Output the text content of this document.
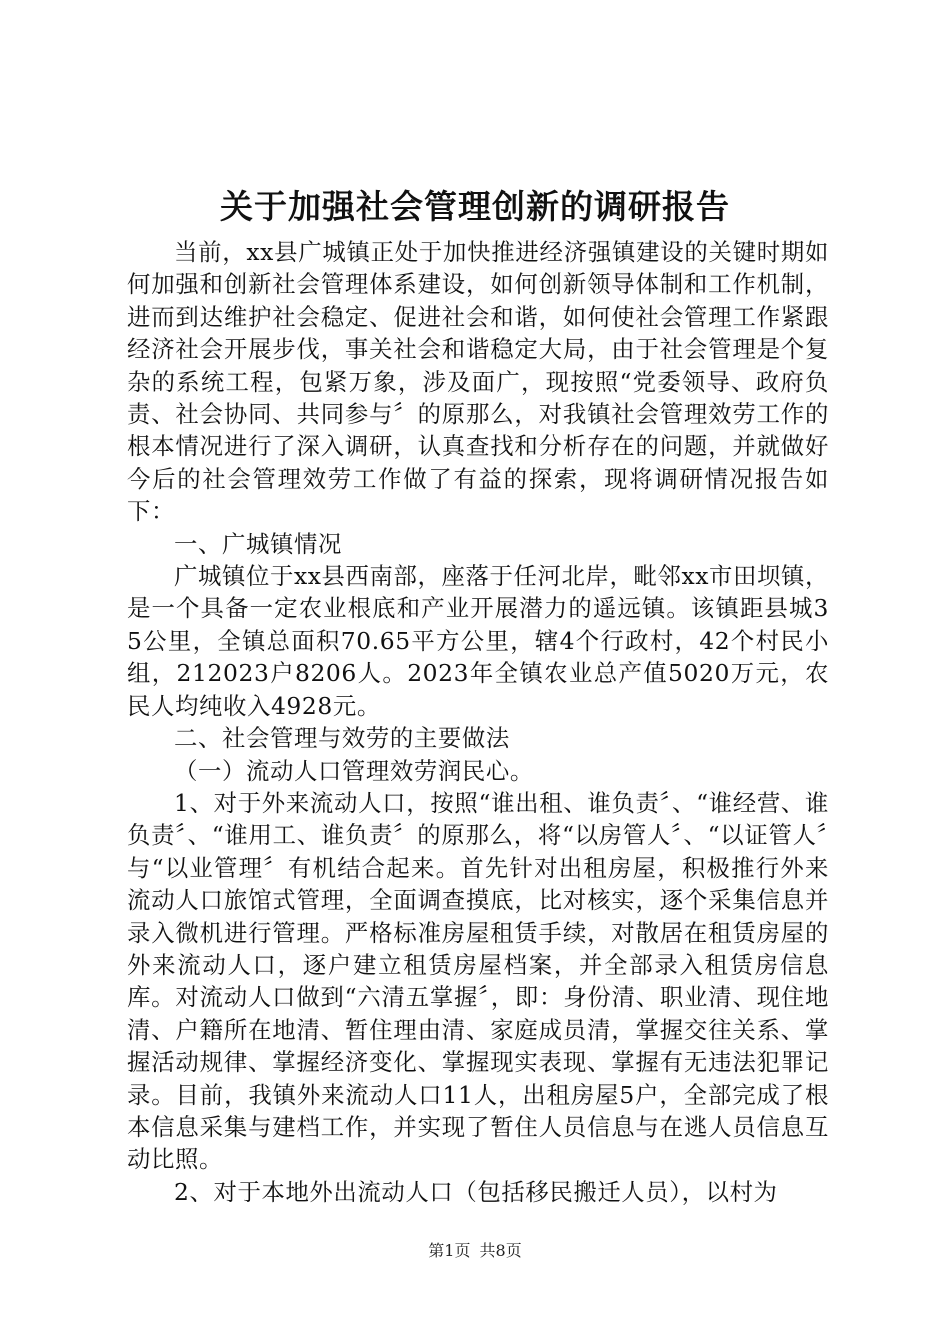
关于加强社会管理创新的调研报告

当前，xx县广城镇正处于加快推进经济强镇建设的关键时期如何加强和创新社会管理体系建设，如何创新领导体制和工作机制，进而到达维护社会稳定、促进社会和谐，如何使社会管理工作紧跟经济社会开展步伐，事关社会和谐稳定大局，由于社会管理是个复杂的系统工程，包紧万象，涉及面广，现按照“党委领导、政府负责、社会协同、共同参与〞的原那么，对我镇社会管理效劳工作的根本情况进行了深入调研，认真查找和分析存在的问题，并就做好今后的社会管理效劳工作做了有益的探索，现将调研情况报告如下：

一、广城镇情况

广城镇位于xx县西南部，座落于任河北岸，毗邻xx市田坝镇，是一个具备一定农业根底和产业开展潜力的遥远镇。该镇距县城35公里，全镇总面积70.65平方公里，辖4个行政村，42个村民小组，212023户8206人。2023年全镇农业总产值5020万元，农民人均纯收入4928元。

二、社会管理与效劳的主要做法

（一）流动人口管理效劳润民心。

1、对于外来流动人口，按照“谁出租、谁负责〞、“谁经营、谁负责〞、“谁用工、谁负责〞的原那么，将“以房管人〞、“以证管人〞与“以业管理〞有机结合起来。首先针对出租房屋，积极推行外来流动人口旅馆式管理，全面调查摸底，比对核实，逐个采集信息并录入微机进行管理。严格标准房屋租赁手续，对散居在租赁房屋的外来流动人口，逐户建立租赁房屋档案，并全部录入租赁房信息库。对流动人口做到“六清五掌握〞，即：身份清、职业清、现住地清、户籍所在地清、暂住理由清、家庭成员清，掌握交往关系、掌握活动规律、掌握经济变化、掌握现实表现、掌握有无违法犯罪记录。目前，我镇外来流动人口11人，出租房屋5户，全部完成了根本信息采集与建档工作，并实现了暂住人员信息与在逃人员信息互动比照。

2、对于本地外出流动人口（包括移民搬迁人员），以村为

第1页 共8页
